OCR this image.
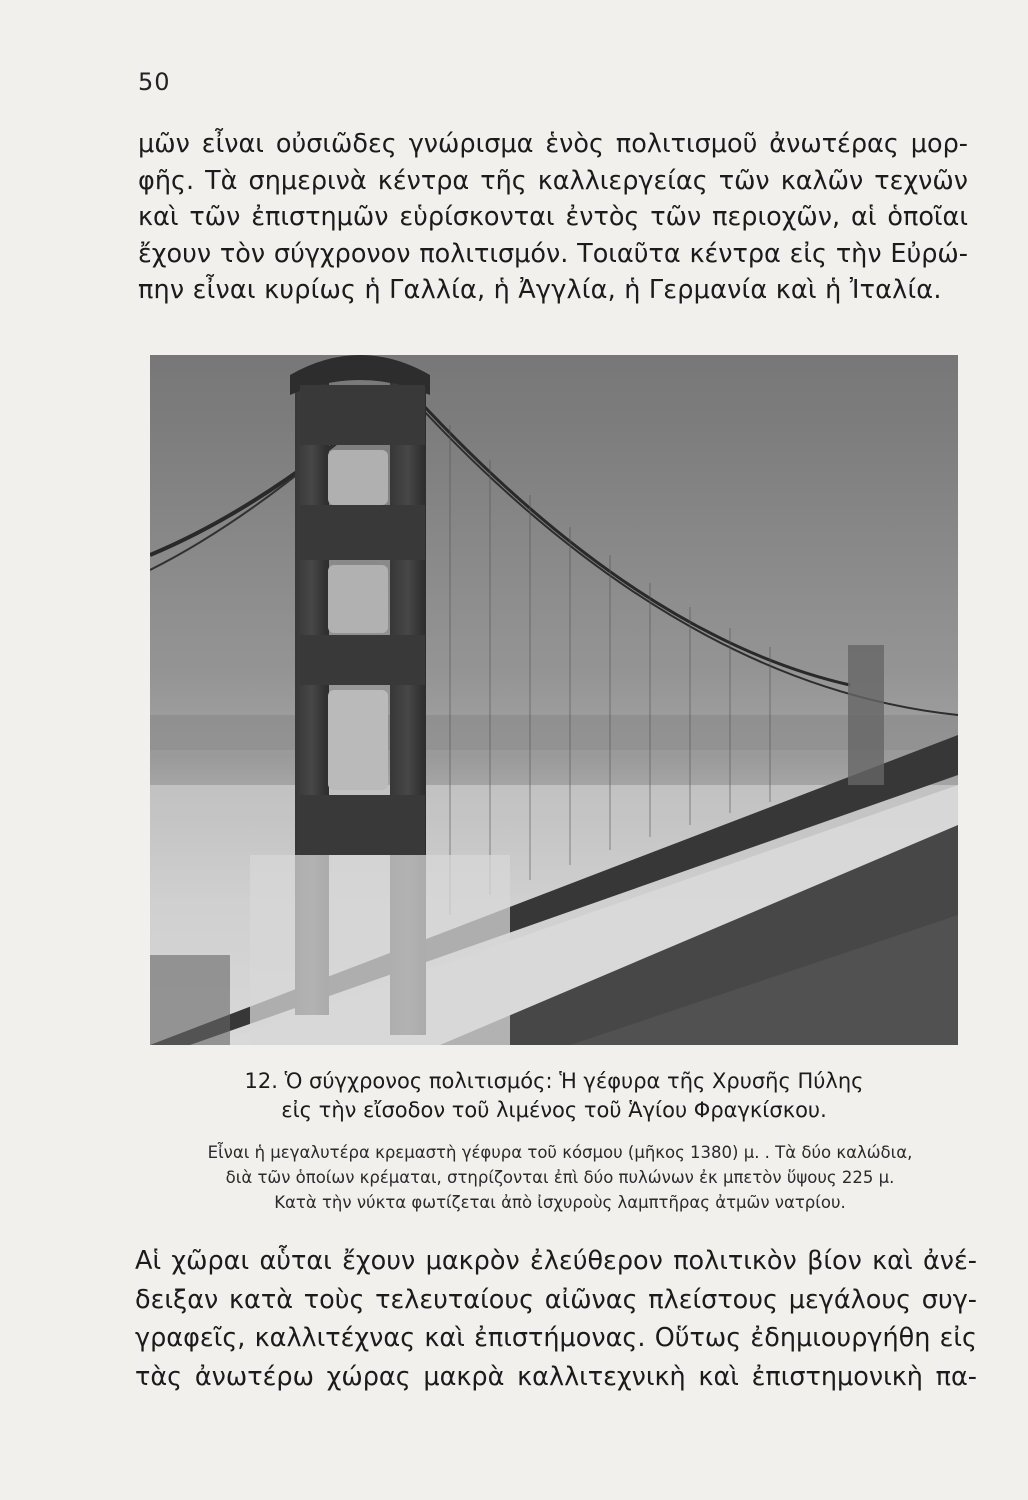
50
μῶν εἶναι οὐσιῶδες γνώρισμα ἑνὸς πολιτισμοῦ ἀνωτέρας μορ-
φῆς. Τὰ σημερινὰ κέντρα τῆς καλλιεργείας τῶν καλῶν τεχνῶν
καὶ τῶν ἐπιστημῶν εὑρίσκονται ἐντὸς τῶν περιοχῶν, αἱ ὁποῖαι
ἔχουν τὸν σύγχρονον πολιτισμόν. Τοιαῦτα κέντρα εἰς τὴν Εὐρώ-
πην εἶναι κυρίως ἡ Γαλλία, ἡ Ἀγγλία, ἡ Γερμανία καὶ ἡ Ἰταλία.
12. Ὁ σύγχρονος πολιτισμός: Ἡ γέφυρα τῆς Χρυσῆς Πύλης
εἰς τὴν εἴσοδον τοῦ λιμένος τοῦ Ἁγίου Φραγκίσκου.
Εἶναι ἡ μεγαλυτέρα κρεμαστὴ γέφυρα τοῦ κόσμου (μῆκος 1380) μ. . Τὰ δύο καλώδια,
διὰ τῶν ὁποίων κρέμαται, στηρίζονται ἐπὶ δύο πυλώνων ἐκ μπετὸν ὕψους 225 μ.
Κατὰ τὴν νύκτα φωτίζεται ἀπὸ ἰσχυροὺς λαμπτῆρας ἀτμῶν νατρίου.
Αἱ χῶραι αὗται ἔχουν μακρὸν ἐλεύθερον πολιτικὸν βίον καὶ ἀνέ-
δειξαν κατὰ τοὺς τελευταίους αἰῶνας πλείστους μεγάλους συγ-
γραφεῖς, καλλιτέχνας καὶ ἐπιστήμονας. Οὕτως ἐδημιουργήθη εἰς
τὰς ἀνωτέρω χώρας μακρὰ καλλιτεχνικὴ καὶ ἐπιστημονικὴ πα-
